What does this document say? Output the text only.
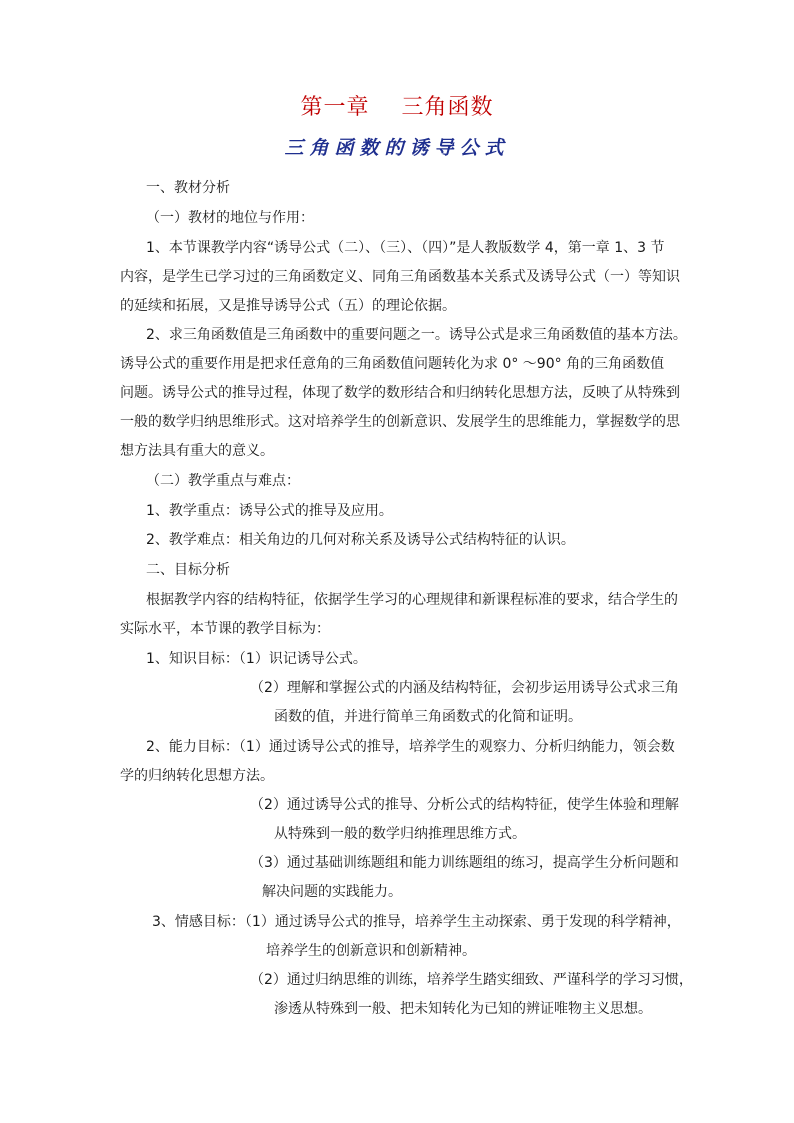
第一章 三角函数
三角函数的诱导公式
一、教材分析
（一）教材的地位与作用：
1、本节课教学内容“诱导公式（二）、（三）、（四）”是人教版数学 4，第一章 1、3 节
内容，是学生已学习过的三角函数定义、同角三角函数基本关系式及诱导公式（一）等知识
的延续和拓展，又是推导诱导公式（五）的理论依据。
2、求三角函数值是三角函数中的重要问题之一。诱导公式是求三角函数值的基本方法。
诱导公式的重要作用是把求任意角的三角函数值问题转化为求 0° ～90° 角的三角函数值
问题。诱导公式的推导过程，体现了数学的数形结合和归纳转化思想方法，反映了从特殊到
一般的数学归纳思维形式。这对培养学生的创新意识、发展学生的思维能力，掌握数学的思
想方法具有重大的意义。
（二）教学重点与难点：
1、教学重点：诱导公式的推导及应用。
2、教学难点：相关角边的几何对称关系及诱导公式结构特征的认识。
二、目标分析
根据教学内容的结构特征，依据学生学习的心理规律和新课程标准的要求，结合学生的
实际水平，本节课的教学目标为：
1、知识目标：（1）识记诱导公式。
（2）理解和掌握公式的内涵及结构特征，会初步运用诱导公式求三角
函数的值，并进行简单三角函数式的化简和证明。
2、能力目标：（1）通过诱导公式的推导，培养学生的观察力、分析归纳能力，领会数
学的归纳转化思想方法。
（2）通过诱导公式的推导、分析公式的结构特征，使学生体验和理解
从特殊到一般的数学归纳推理思维方式。
（3）通过基础训练题组和能力训练题组的练习，提高学生分析问题和
解决问题的实践能力。
3、情感目标：（1）通过诱导公式的推导，培养学生主动探索、勇于发现的科学精神，
培养学生的创新意识和创新精神。
（2）通过归纳思维的训练，培养学生踏实细致、严谨科学的学习习惯，
渗透从特殊到一般、把未知转化为已知的辨证唯物主义思想。
